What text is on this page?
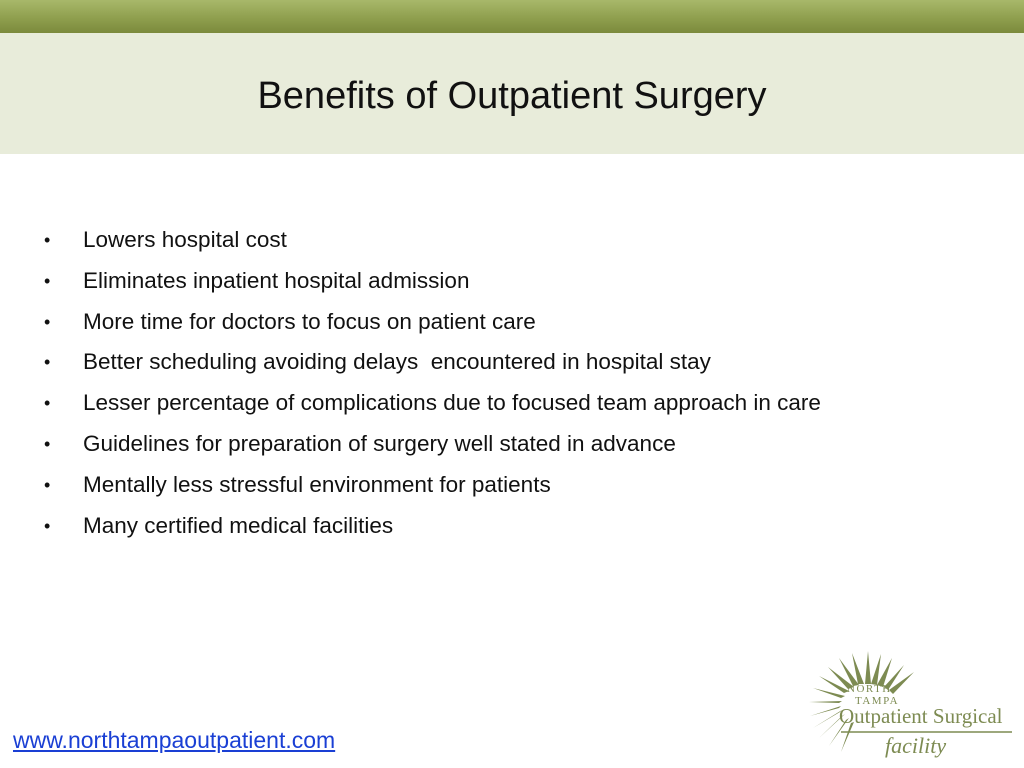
Benefits of Outpatient Surgery

•

	Lowers hospital cost

•

	Eliminates inpatient hospital admission

•

	More time for doctors to focus on patient care

•

	Better scheduling avoiding delays  encountered in hospital stay

•

	Lesser percentage of complications due to focused team approach in care

•

	Guidelines for preparation of surgery well stated in advance

•

	Mentally less stressful environment for patients

•

	Many certified medical facilities

www.northtampaoutpatient.com
NORTH
TAMPA
Outpatient Surgical
facility
